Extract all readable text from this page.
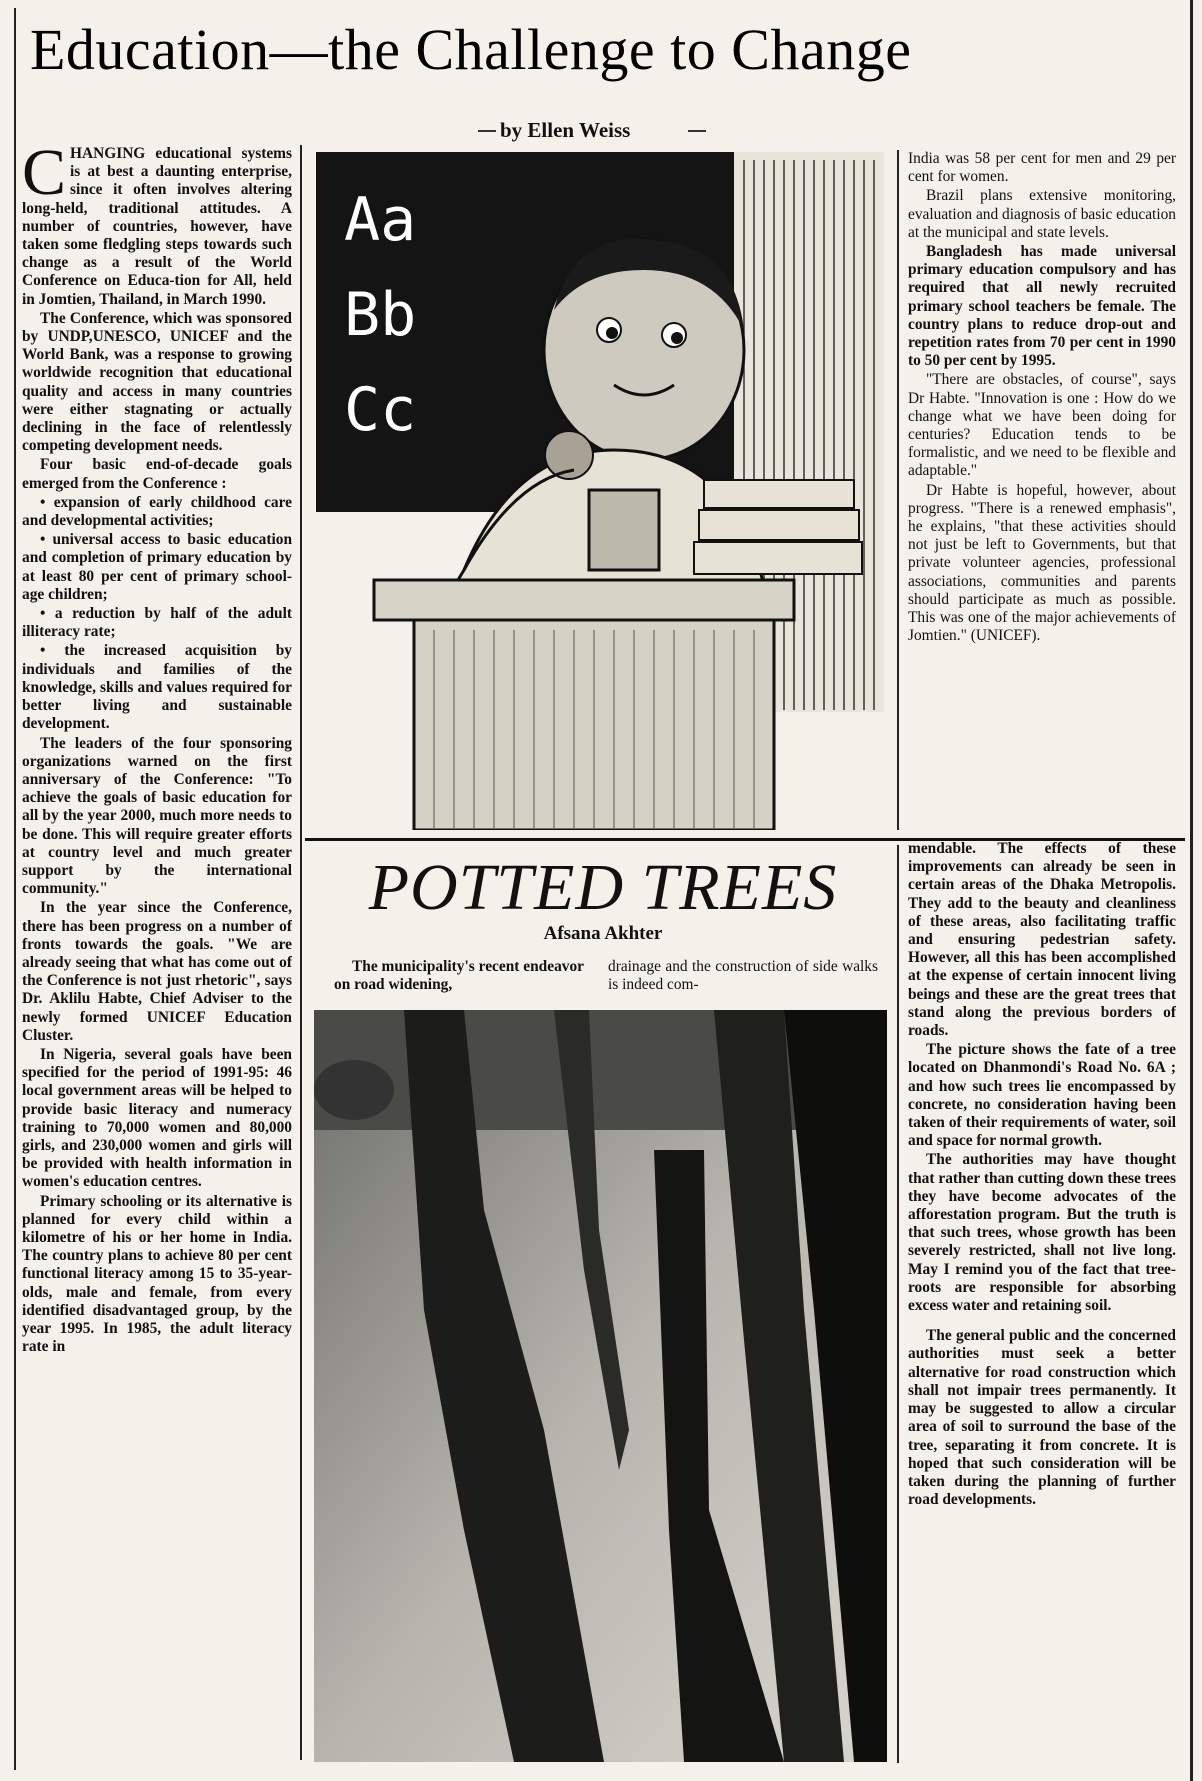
Education—the Challenge to Change
by Ellen Weiss

CHANGING educational systems is at best a daunting enterprise, since it often involves altering long-held, traditional attitudes. A number of countries, however, have taken some fledgling steps towards such change as a result of the World Conference on Educa-tion for All, held in Jomtien, Thailand, in March 1990.

The Conference, which was sponsored by UNDP,UNESCO, UNICEF and the World Bank, was a response to growing worldwide recognition that educational quality and access in many countries were either stagnating or actually declining in the face of relentlessly competing development needs.

Four basic end-of-decade goals emerged from the Conference :

• expansion of early childhood care and developmental activities;

• universal access to basic education and completion of primary education by at least 80 per cent of primary school-age children;

• a reduction by half of the adult illiteracy rate;

• the increased acquisition by individuals and families of the knowledge, skills and values required for better living and sustainable development.

The leaders of the four sponsoring organizations warned on the first anniversary of the Conference: "To achieve the goals of basic education for all by the year 2000, much more needs to be done. This will require greater efforts at country level and much greater support by the international community."

In the year since the Conference, there has been progress on a number of fronts towards the goals. "We are already seeing that what has come out of the Conference is not just rhetoric", says Dr. Aklilu Habte, Chief Adviser to the newly formed UNICEF Education Cluster.

In Nigeria, several goals have been specified for the period of 1991-95: 46 local government areas will be helped to provide basic literacy and numeracy training to 70,000 women and 80,000 girls, and 230,000 women and girls will be provided with health information in women's education centres.

Primary schooling or its alternative is planned for every child within a kilometre of his or her home in India. The country plans to achieve 80 per cent functional literacy among 15 to 35-year-olds, male and female, from every identified disadvantaged group, by the year 1995. In 1985, the adult literacy rate in

Aa
Bb
Cc

India was 58 per cent for men and 29 per cent for women.

Brazil plans extensive monitoring, evaluation and diagnosis of basic education at the municipal and state levels.

Bangladesh has made universal primary education compulsory and has required that all newly recruited primary school teachers be female. The country plans to reduce drop-out and repetition rates from 70 per cent in 1990 to 50 per cent by 1995.

"There are obstacles, of course", says Dr Habte. "Innovation is one : How do we change what we have been doing for centuries? Education tends to be formalistic, and we need to be flexible and adaptable."

Dr Habte is hopeful, however, about progress. "There is a renewed emphasis", he explains, "that these activities should not just be left to Governments, but that private volunteer agencies, professional associations, communities and parents should participate as much as possible. This was one of the major achievements of Jomtien." (UNICEF).

POTTED TREES
Afsana Akhter

The municipality's recent endeavor on road widening,

drainage and the construction of side walks is indeed com-

mendable. The effects of these improvements can already be seen in certain areas of the Dhaka Metropolis. They add to the beauty and cleanliness of these areas, also facilitating traffic and ensuring pedestrian safety. However, all this has been accomplished at the expense of certain innocent living beings and these are the great trees that stand along the previous borders of roads.

The picture shows the fate of a tree located on Dhanmondi's Road No. 6A ; and how such trees lie encompassed by concrete, no consideration having been taken of their requirements of water, soil and space for normal growth.

The authorities may have thought that rather than cutting down these trees they have become advocates of the afforestation program. But the truth is that such trees, whose growth has been severely restricted, shall not live long. May I remind you of the fact that tree-roots are responsible for absorbing excess water and retaining soil.

The general public and the concerned authorities must seek a better alternative for road construction which shall not impair trees permanently. It may be suggested to allow a circular area of soil to surround the base of the tree, separating it from concrete. It is hoped that such consideration will be taken during the planning of further road developments.
